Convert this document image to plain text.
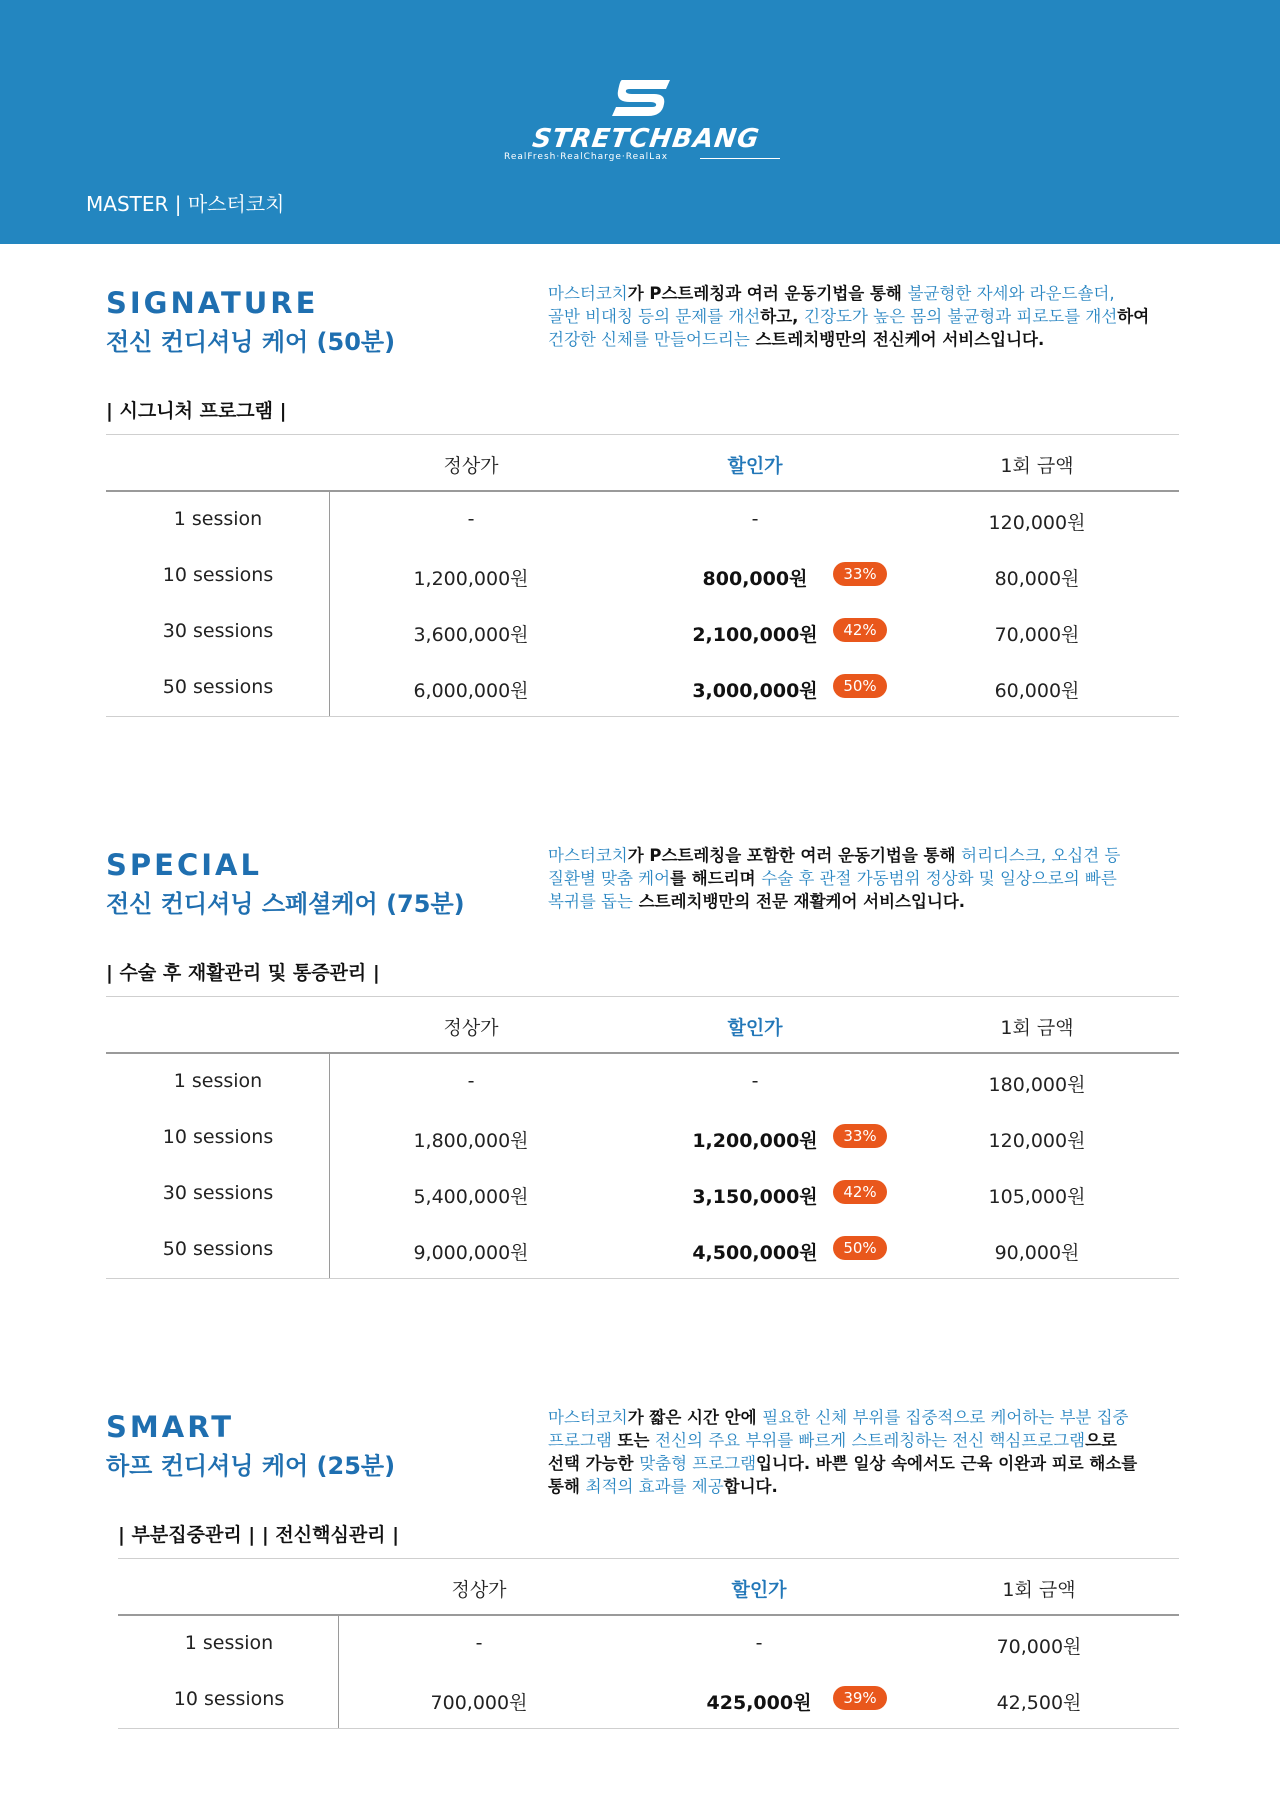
STRETCHBANG
RealFresh·RealCharge·RealLax
MASTER | 마스터코치
SIGNATURE
전신 컨디셔닝 케어 (50분)
마스터코치가 P스트레칭과 여러 운동기법을 통해 불균형한 자세와 라운드숄더,
골반 비대칭 등의 문제를 개선하고, 긴장도가 높은 몸의 불균형과 피로도를 개선하여
건강한 신체를 만들어드리는 스트레치뱅만의 전신케어 서비스입니다.
| 시그니처 프로그램 |
정상가	할인가	1회 금액
1 session	-	-	120,000원
10 sessions	1,200,000원	800,000원	80,000원
33%
30 sessions	3,600,000원	2,100,000원	70,000원
42%
50 sessions	6,000,000원	3,000,000원	60,000원
50%
SPECIAL
전신 컨디셔닝 스페셜케어 (75분)
마스터코치가 P스트레칭을 포함한 여러 운동기법을 통해 허리디스크, 오십견 등
질환별 맞춤 케어를 해드리며 수술 후 관절 가동범위 정상화 및 일상으로의 빠른
복귀를 돕는 스트레치뱅만의 전문 재활케어 서비스입니다.
| 수술 후 재활관리 및 통증관리 |
정상가	할인가	1회 금액
1 session	-	-	180,000원
10 sessions	1,800,000원	1,200,000원	120,000원
33%
30 sessions	5,400,000원	3,150,000원	105,000원
42%
50 sessions	9,000,000원	4,500,000원	90,000원
50%
SMART
하프 컨디셔닝 케어 (25분)
마스터코치가 짧은 시간 안에 필요한 신체 부위를 집중적으로 케어하는 부분 집중
프로그램 또는 전신의 주요 부위를 빠르게 스트레칭하는 전신 핵심프로그램으로
선택 가능한 맞춤형 프로그램입니다. 바쁜 일상 속에서도 근육 이완과 피로 해소를
통해 최적의 효과를 제공합니다.
| 부분집중관리 | | 전신핵심관리 |
정상가	할인가	1회 금액
1 session	-	-	70,000원
10 sessions	700,000원	425,000원	42,500원
39%
